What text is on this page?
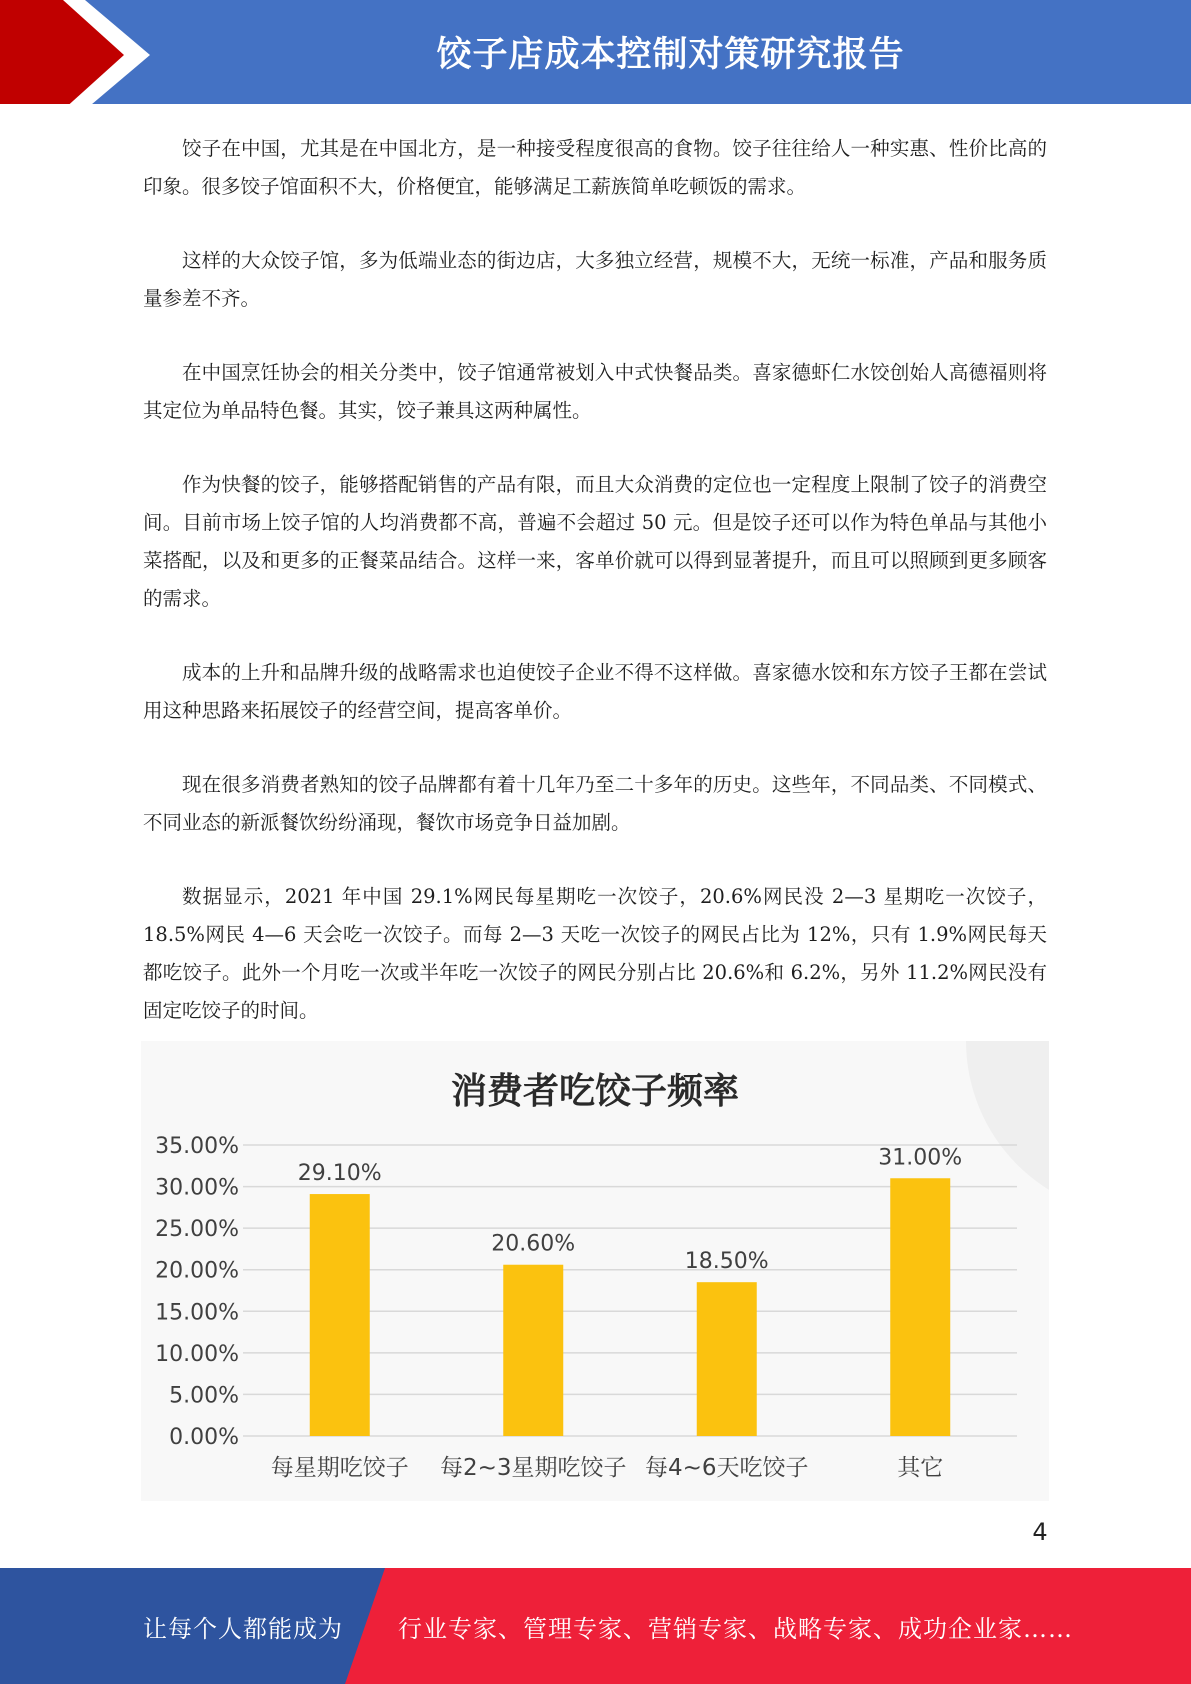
饺子店成本控制对策研究报告

饺子在中国，尤其是在中国北方，是一种接受程度很高的食物。饺子往往给人一种实惠、性价比高的印象。很多饺子馆面积不大，价格便宜，能够满足工薪族简单吃顿饭的需求。

这样的大众饺子馆，多为低端业态的街边店，大多独立经营，规模不大，无统一标准，产品和服务质量参差不齐。

在中国烹饪协会的相关分类中，饺子馆通常被划入中式快餐品类。喜家德虾仁水饺创始人高德福则将其定位为单品特色餐。其实，饺子兼具这两种属性。

作为快餐的饺子，能够搭配销售的产品有限，而且大众消费的定位也一定程度上限制了饺子的消费空间。目前市场上饺子馆的人均消费都不高，普遍不会超过 50 元。但是饺子还可以作为特色单品与其他小菜搭配，以及和更多的正餐菜品结合。这样一来，客单价就可以得到显著提升，而且可以照顾到更多顾客的需求。

成本的上升和品牌升级的战略需求也迫使饺子企业不得不这样做。喜家德水饺和东方饺子王都在尝试用这种思路来拓展饺子的经营空间，提高客单价。

现在很多消费者熟知的饺子品牌都有着十几年乃至二十多年的历史。这些年，不同品类、不同模式、不同业态的新派餐饮纷纷涌现，餐饮市场竞争日益加剧。

数据显示，2021 年中国 29.1%网民每星期吃一次饺子，20.6%网民没 2—3 星期吃一次饺子，18.5%网民 4—6 天会吃一次饺子。而每 2—3 天吃一次饺子的网民占比为 12%，只有 1.9%网民每天都吃饺子。此外一个月吃一次或半年吃一次饺子的网民分别占比 20.6%和 6.2%，另外 11.2%网民没有固定吃饺子的时间。

0.00%
5.00%
10.00%
15.00%
20.00%
25.00%
30.00%
35.00%
29.10%
每星期吃饺子
20.60%
每2~3星期吃饺子
18.50%
每4~6天吃饺子
31.00%
其它
消费者吃饺子频率
4
让每个人都能成为 行业专家、管理专家、营销专家、战略专家、成功企业家……
